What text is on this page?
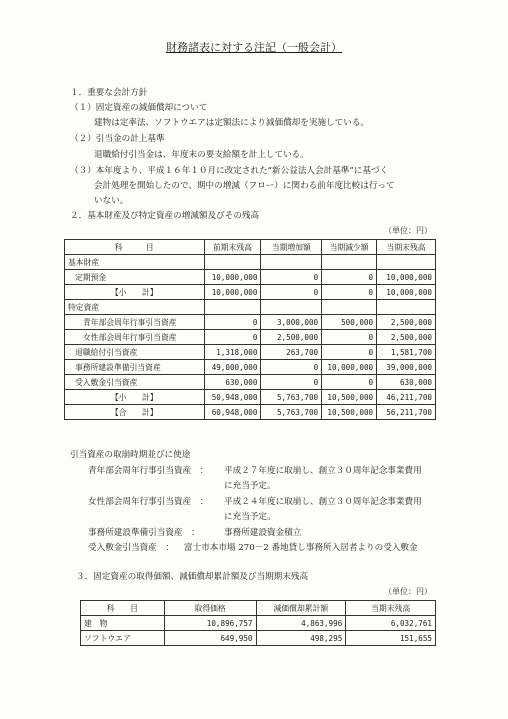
財務諸表に対する注記（一般会計）
１．重要な会計方針
（１）固定資産の減価償却について
建物は定率法、ソフトウエアは定額法により減価償却を実施している。
（２）引当金の計上基準
退職給付引当金は、年度末の要支給額を計上している。
（３）本年度より、平成１６年１０月に改定された“新公益法人会計基準”に基づく
会計処理を開始したので、期中の増減（フロー）に関わる前年度比較は行って
いない。
２．基本財産及び特定資産の増減額及びその残高
（単位：円）
科　　　目	前期末残高	当期増加額	当期減少額	当期末残高
基本財産				
定期預金	10,000,000	0	0	10,000,000
【小　　計】	10,000,000	0	0	10,000,000
特定資産				
青年部会周年行事引当資産	0	3,000,000	500,000	2,500,000
女性部会周年行事引当資産	0	2,500,000	0	2,500,000
退職給付引当資産	1,318,000	263,700	0	1,581,700
事務所建設準備引当資産	49,000,000	0	10,000,000	39,000,000
受入敷金引当資産	630,000	0	0	630,000
【小　　計】	50,948,000	5,763,700	10,500,000	46,211,700
【合　　計】	60,948,000	5,763,700	10,500,000	56,211,700
引当資産の取崩時期並びに使途
青年部会周年行事引当資産　： 平成２７年度に取崩し、創立３０周年記念事業費用
に充当予定。
女性部会周年行事引当資産　： 平成２４年度に取崩し、創立３０周年記念事業費用
に充当予定。
事務所建設準備引当資産　：	事務所建設資金積立
受入敷金引当資産　： 富士市本市場 270－2 番地貸し事務所入居者よりの受入敷金
３．固定資産の取得価額、減価償却累計額及び当期期末残高
（単位：円）
科　　目	取得価格	減価償却累計額	当期末残高
建　物	10,896,757	4,863,996	6,032,761
ソフトウエア	649,950	498,295	151,655
